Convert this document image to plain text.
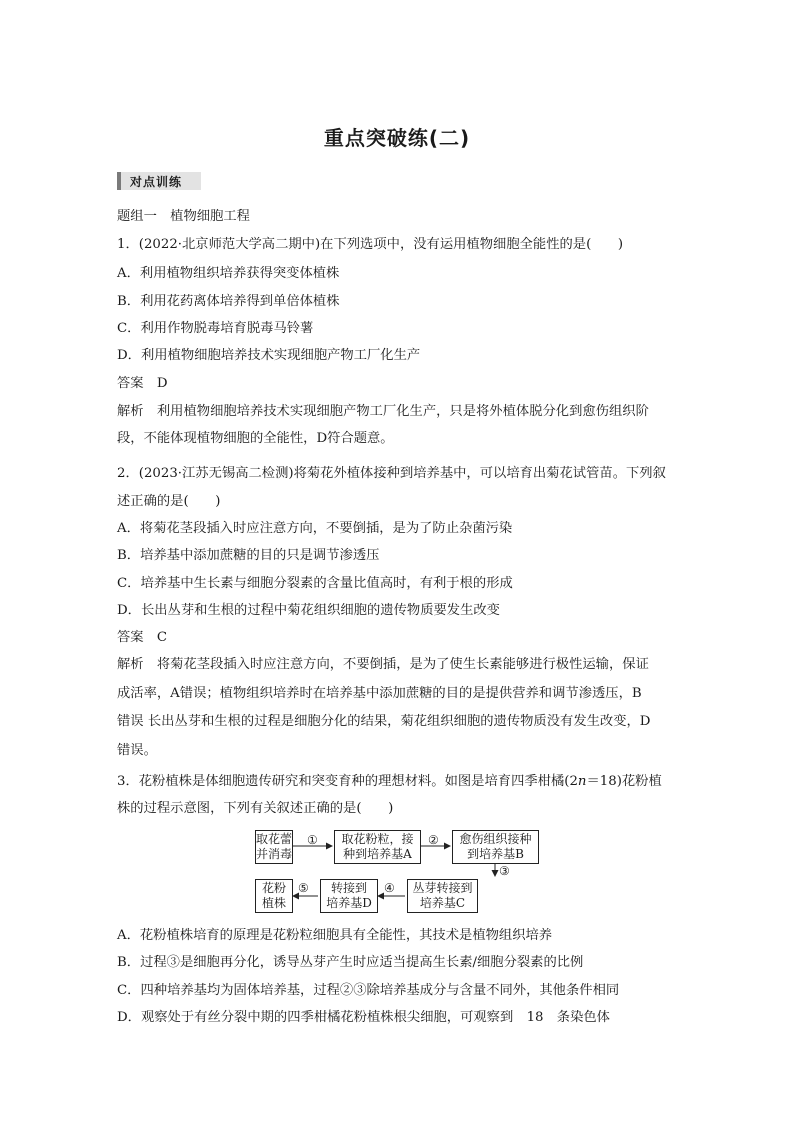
重点突破练(二)
对点训练
题组一　植物细胞工程
1．(2022·北京师范大学高二期中)在下列选项中，没有运用植物细胞全能性的是(　　)
A．利用植物组织培养获得突变体植株
B．利用花药离体培养得到单倍体植株
C．利用作物脱毒培育脱毒马铃薯
D．利用植物细胞培养技术实现细胞产物工厂化生产
答案　D
解析　利用植物细胞培养技术实现细胞产物工厂化生产，只是将外植体脱分化到愈伤组织阶
段，不能体现植物细胞的全能性，D符合题意。
2．(2023·江苏无锡高二检测)将菊花外植体接种到培养基中，可以培育出菊花试管苗。下列叙
述正确的是(　　)
A．将菊花茎段插入时应注意方向，不要倒插，是为了防止杂菌污染
B．培养基中添加蔗糖的目的只是调节渗透压
C．培养基中生长素与细胞分裂素的含量比值高时，有利于根的形成
D．长出丛芽和生根的过程中菊花组织细胞的遗传物质要发生改变
答案　C
解析　将菊花茎段插入时应注意方向，不要倒插，是为了使生长素能够进行极性运输，保证
成活率，A错误；植物组织培养时在培养基中添加蔗糖的目的是提供营养和调节渗透压，B
错误 长出丛芽和生根的过程是细胞分化的结果，菊花组织细胞的遗传物质没有发生改变，D
错误。
3．花粉植株是体细胞遗传研究和突变育种的理想材料。如图是培育四季柑橘(2n＝18)花粉植
株的过程示意图，下列有关叙述正确的是(　　)
取花蕾
并消毒
① 取花粉粒，接
种到培养基A
② 愈伤组织接种
到培养基B
③
丛芽转接到
培养基C
④
转接到
培养基D
⑤
花粉
植株
A．花粉植株培育的原理是花粉粒细胞具有全能性，其技术是植物组织培养
B．过程③是细胞再分化，诱导丛芽产生时应适当提高生长素/细胞分裂素的比例
C．四种培养基均为固体培养基，过程②③除培养基成分与含量不同外，其他条件相同
D．观察处于有丝分裂中期的四季柑橘花粉植株根尖细胞，可观察到　18　条染色体
